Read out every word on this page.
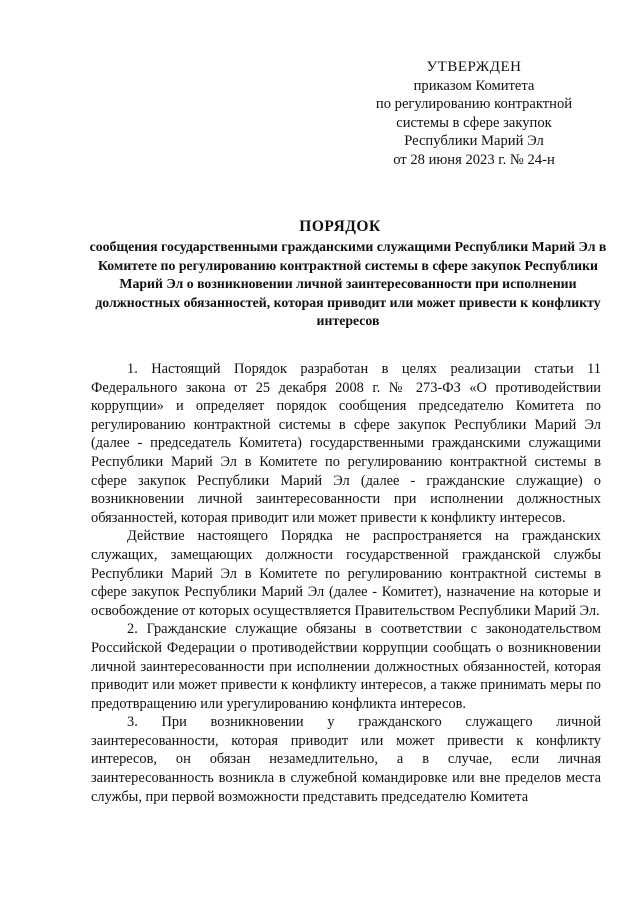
УТВЕРЖДЕН
приказом Комитета
по регулированию контрактной
системы в сфере закупок
Республики Марий Эл
от 28 июня 2023 г. № 24-н
ПОРЯДОК
сообщения государственными гражданскими служащими Республики Марий Эл в Комитете по регулированию контрактной системы в сфере закупок Республики Марий Эл о возникновении личной заинтересованности при исполнении должностных обязанностей, которая приводит или может привести к конфликту интересов

1. Настоящий Порядок разработан в целях реализации статьи 11 Федерального закона от 25 декабря 2008 г. № 273-ФЗ «О противодействии коррупции» и определяет порядок сообщения председателю Комитета по регулированию контрактной системы в сфере закупок Республики Марий Эл (далее - председатель Комитета) государственными гражданскими служащими Республики Марий Эл в Комитете по регулированию контрактной системы в сфере закупок Республики Марий Эл (далее - гражданские служащие) о возникновении личной заинтересованности при исполнении должностных обязанностей, которая приводит или может привести к конфликту интересов.

Действие настоящего Порядка не распространяется на гражданских служащих, замещающих должности государственной гражданской службы Республики Марий Эл в Комитете по регулированию контрактной системы в сфере закупок Республики Марий Эл (далее - Комитет), назначение на которые и освобождение от которых осуществляется Правительством Республики Марий Эл.

2. Гражданские служащие обязаны в соответствии с законодательством Российской Федерации о противодействии коррупции сообщать о возникновении личной заинтересованности при исполнении должностных обязанностей, которая приводит или может привести к конфликту интересов, а также принимать меры по предотвращению или урегулированию конфликта интересов.

3. При возникновении у гражданского служащего личной заинтересованности, которая приводит или может привести к конфликту интересов, он обязан незамедлительно, а в случае, если личная заинтересованность возникла в служебной командировке или вне пределов места службы, при первой возможности представить председателю Комитета
